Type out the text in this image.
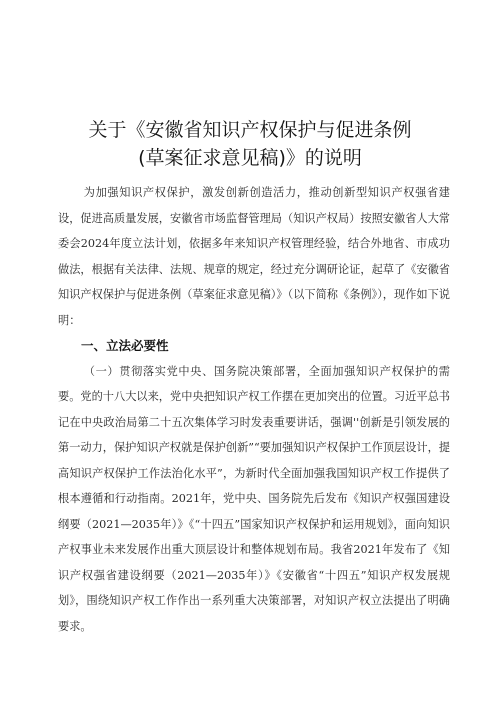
关于《安徽省知识产权保护与促进条例
(草案征求意见稿)》的说明

为加强知识产权保护，激发创新创造活力，推动创新型知识产权强省建设，促进高质量发展，安徽省市场监督管理局（知识产权局）按照安徽省人大常委会2024年度立法计划，依据多年来知识产权管理经验，结合外地省、市成功做法，根据有关法律、法规、规章的规定，经过充分调研论证，起草了《安徽省知识产权保护与促进条例（草案征求意见稿）》（以下简称《条例》），现作如下说明：

一、立法必要性

（一）贯彻落实党中央、国务院决策部署，全面加强知识产权保护的需要。党的十八大以来，党中央把知识产权工作摆在更加突出的位置。习近平总书记在中央政治局第二十五次集体学习时发表重要讲话，强调''创新是引领发展的第一动力，保护知识产权就是保护创新”“要加强知识产权保护工作顶层设计，提高知识产权保护工作法治化水平”，为新时代全面加强我国知识产权工作提供了根本遵循和行动指南。2021年，党中央、国务院先后发布《知识产权强国建设纲要（2021—2035年）》《“十四五”国家知识产权保护和运用规划》，面向知识产权事业未来发展作出重大顶层设计和整体规划布局。我省2021年发布了《知识产权强省建设纲要（2021—2035年）》《安徽省“十四五”知识产权发展规划》，围绕知识产权工作作出一系列重大决策部署，对知识产权立法提出了明确要求。
